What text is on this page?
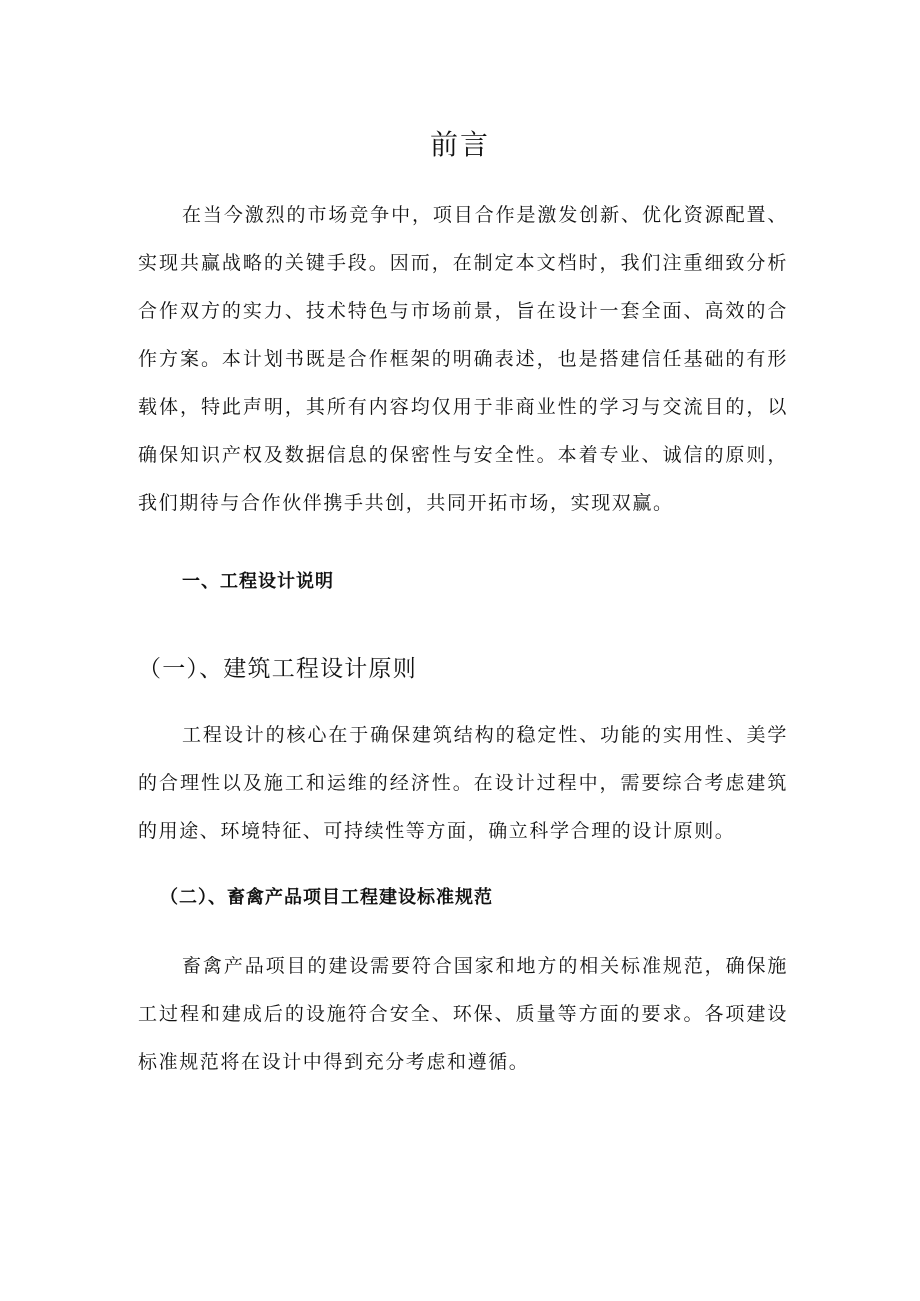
前言

在当今激烈的市场竞争中，项目合作是激发创新、优化资源配置、实现共赢战略的关键手段。因而，在制定本文档时，我们注重细致分析合作双方的实力、技术特色与市场前景，旨在设计一套全面、高效的合作方案。本计划书既是合作框架的明确表述，也是搭建信任基础的有形载体，特此声明，其所有内容均仅用于非商业性的学习与交流目的，以确保知识产权及数据信息的保密性与安全性。本着专业、诚信的原则，我们期待与合作伙伴携手共创，共同开拓市场，实现双赢。

一、工程设计说明
（一）、建筑工程设计原则

工程设计的核心在于确保建筑结构的稳定性、功能的实用性、美学的合理性以及施工和运维的经济性。在设计过程中，需要综合考虑建筑的用途、环境特征、可持续性等方面，确立科学合理的设计原则。

（二）、畜禽产品项目工程建设标准规范

畜禽产品项目的建设需要符合国家和地方的相关标准规范，确保施工过程和建成后的设施符合安全、环保、质量等方面的要求。各项建设标准规范将在设计中得到充分考虑和遵循。
